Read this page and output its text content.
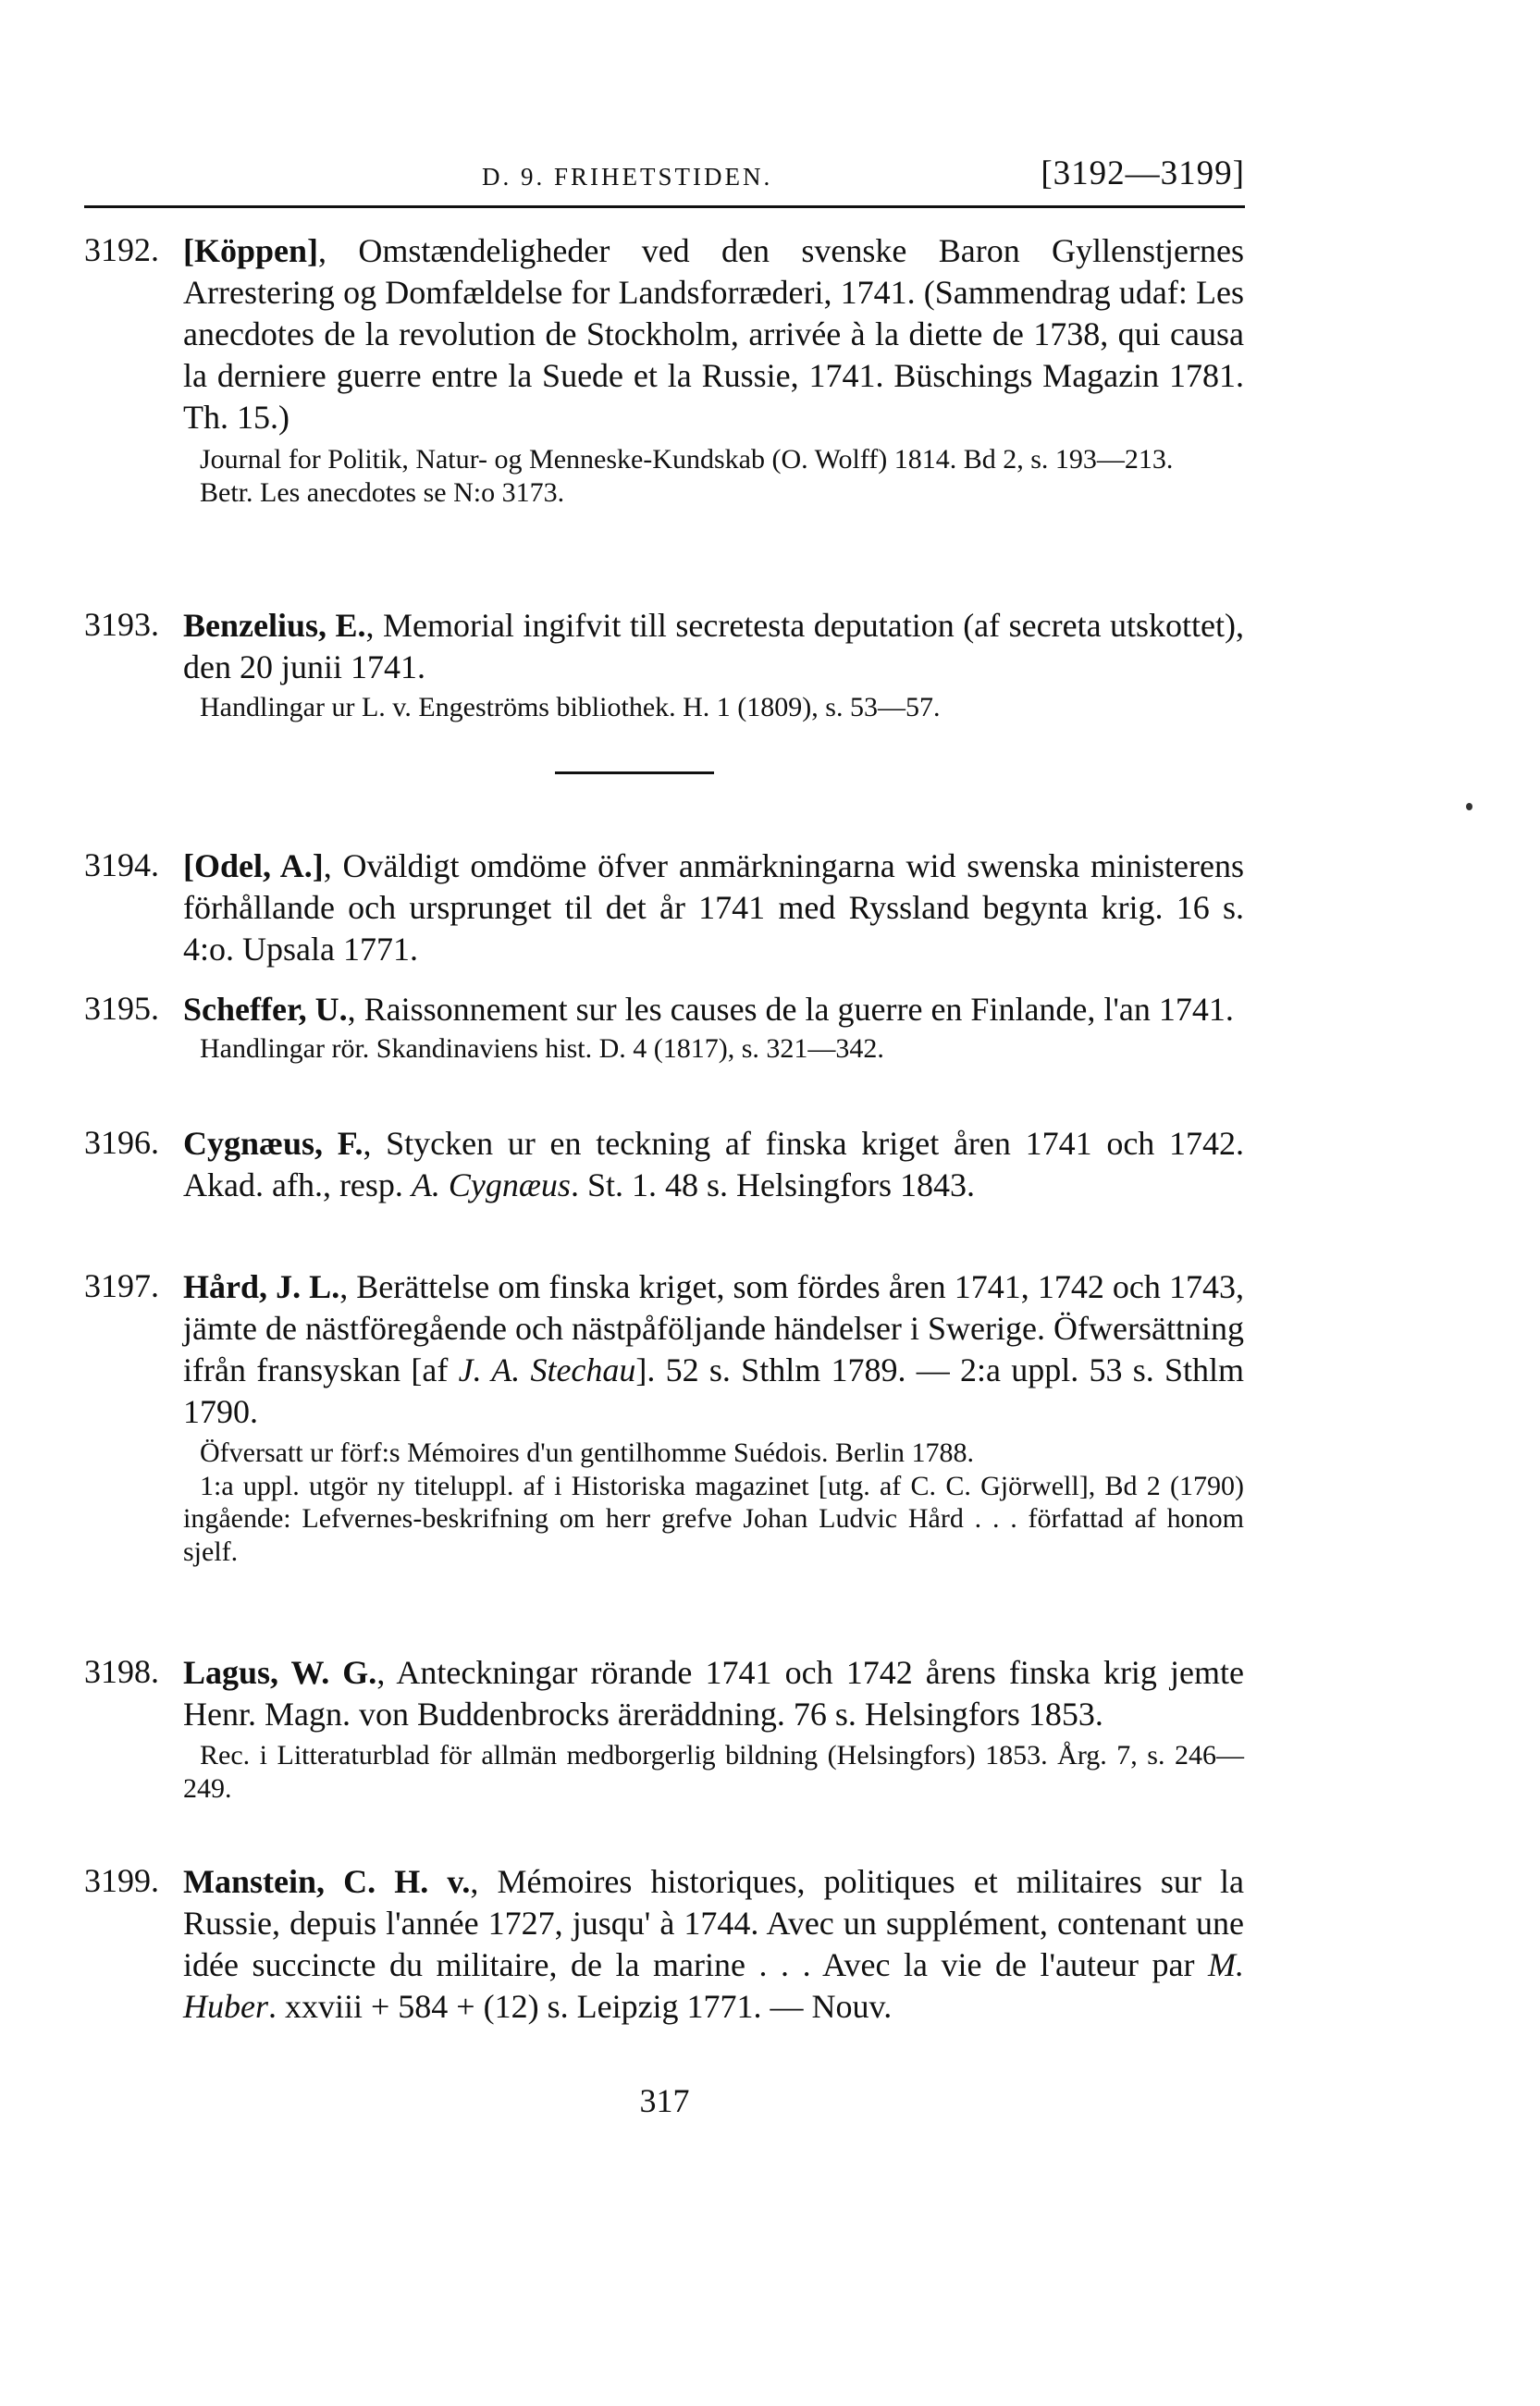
D. 9. FRIHETSTIDEN.	[3192—3199]
3192. [Köppen], Omstændeligheder ved den svenske Baron Gyllenstjernes Arrestering og Domfældelse for Landsforræderi, 1741. (Sammendrag udaf: Les anecdotes de la revolution de Stockholm, arrivée à la diette de 1738, qui causa la derniere guerre entre la Suede et la Russie, 1741. Büschings Magazin 1781. Th. 15.)
Journal for Politik, Natur- og Menneske-Kundskab (O. Wolff) 1814. Bd 2, s. 193—213.
Betr. Les anecdotes se N:o 3173.
3193. Benzelius, E., Memorial ingifvit till secretesta deputation (af secreta utskottet), den 20 junii 1741.
Handlingar ur L. v. Engeströms bibliothek. H. 1 (1809), s. 53—57.
3194. [Odel, A.], Oväldigt omdöme öfver anmärkningarna wid swenska ministerens förhållande och ursprunget til det år 1741 med Ryssland begynta krig. 16 s. 4:o. Upsala 1771.
3195. Scheffer, U., Raissonnement sur les causes de la guerre en Finlande, l'an 1741.
Handlingar rör. Skandinaviens hist. D. 4 (1817), s. 321—342.
3196. Cygnæus, F., Stycken ur en teckning af finska kriget åren 1741 och 1742. Akad. afh., resp. A. Cygnæus. St. 1. 48 s. Helsingfors 1843.
3197. Hård, J. L., Berättelse om finska kriget, som fördes åren 1741, 1742 och 1743, jämte de nästföregående och nästpåföljande händelser i Swerige. Öfwersättning ifrån fransyskan [af J. A. Stechau]. 52 s. Sthlm 1789. — 2:a uppl. 53 s. Sthlm 1790.
Öfversatt ur förf:s Mémoires d'un gentilhomme Suédois. Berlin 1788.
1:a uppl. utgör ny titeluppl. af i Historiska magazinet [utg. af C. C. Gjörwell], Bd 2 (1790) ingående: Lefvernes-beskrifning om herr grefve Johan Ludvic Hård . . . författad af honom sjelf.
3198. Lagus, W. G., Anteckningar rörande 1741 och 1742 årens finska krig jemte Henr. Magn. von Buddenbrocks äreräddning. 76 s. Helsingfors 1853.
Rec. i Litteraturblad för allmän medborgerlig bildning (Helsingfors) 1853. Årg. 7, s. 246—249.
3199. Manstein, C. H. v., Mémoires historiques, politiques et militaires sur la Russie, depuis l'année 1727, jusqu' à 1744. Avec un supplément, contenant une idée succincte du militaire, de la marine . . . Avec la vie de l'auteur par M. Huber. xxviii + 584 + (12) s. Leipzig 1771. — Nouv.
317
